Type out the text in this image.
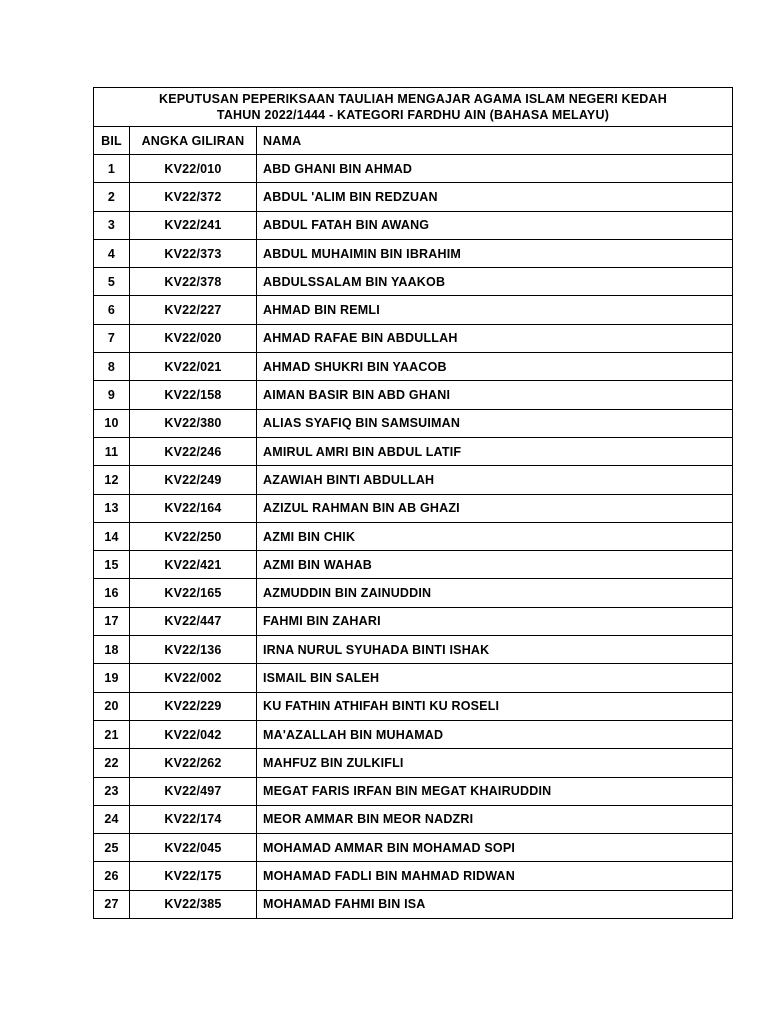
KEPUTUSAN PEPERIKSAAN TAULIAH MENGAJAR AGAMA ISLAM NEGERI KEDAH
TAHUN 2022/1444 - KATEGORI FARDHU AIN (BAHASA MELAYU)		

BIL	ANGKA GILIRAN	NAMA
1	KV22/010	ABD GHANI BIN AHMAD
2	KV22/372	ABDUL 'ALIM BIN REDZUAN
3	KV22/241	ABDUL FATAH BIN AWANG
4	KV22/373	ABDUL MUHAIMIN BIN IBRAHIM
5	KV22/378	ABDULSSALAM BIN YAAKOB
6	KV22/227	AHMAD BIN REMLI
7	KV22/020	AHMAD RAFAE BIN ABDULLAH
8	KV22/021	AHMAD SHUKRI BIN YAACOB
9	KV22/158	AIMAN BASIR BIN ABD GHANI
10	KV22/380	ALIAS SYAFIQ BIN SAMSUIMAN
11	KV22/246	AMIRUL AMRI BIN ABDUL LATIF
12	KV22/249	AZAWIAH BINTI ABDULLAH
13	KV22/164	AZIZUL RAHMAN BIN AB GHAZI
14	KV22/250	AZMI BIN CHIK
15	KV22/421	AZMI BIN WAHAB
16	KV22/165	AZMUDDIN BIN ZAINUDDIN
17	KV22/447	FAHMI BIN ZAHARI
18	KV22/136	IRNA NURUL SYUHADA BINTI ISHAK
19	KV22/002	ISMAIL BIN SALEH
20	KV22/229	KU FATHIN ATHIFAH BINTI KU ROSELI
21	KV22/042	MA'AZALLAH BIN MUHAMAD
22	KV22/262	MAHFUZ BIN ZULKIFLI
23	KV22/497	MEGAT FARIS IRFAN BIN MEGAT KHAIRUDDIN
24	KV22/174	MEOR AMMAR BIN MEOR NADZRI
25	KV22/045	MOHAMAD AMMAR BIN MOHAMAD SOPI
26	KV22/175	MOHAMAD FADLI BIN MAHMAD RIDWAN
27	KV22/385	MOHAMAD FAHMI BIN ISA
